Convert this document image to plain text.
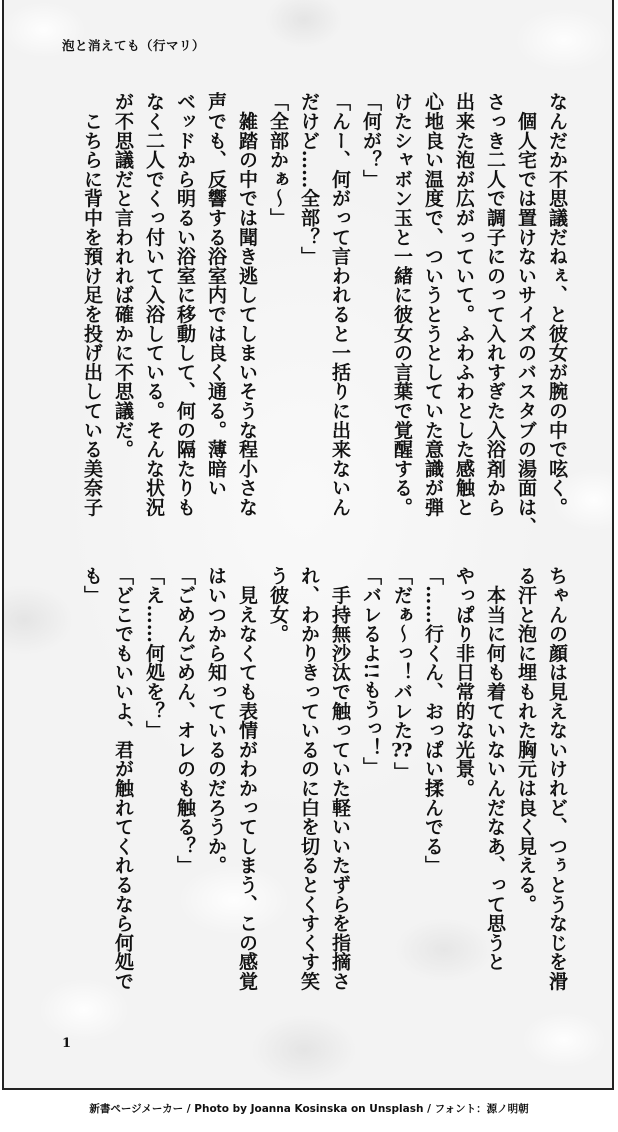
泡と消えても（行マリ）
なんだか不思議だねぇ、と彼女が腕の中で呟く。
　個人宅では置けないサイズのバスタブの湯面は、
さっき二人で調子にのって入れすぎた入浴剤から
出来た泡が広がっていて。ふわふわとした感触と
心地良い温度で、ついうとうとしていた意識が弾
けたシャボン玉と一緒に彼女の言葉で覚醒する。
「何が？」
「んー、何がって言われると一括りに出来ないん
だけど……全部？」
「全部かぁ～」
　雑踏の中では聞き逃してしまいそうな程小さな
声でも、反響する浴室内では良く通る。薄暗い
ベッドから明るい浴室に移動して、何の隔たりも
なく二人でくっ付いて入浴している。そんな状況
が不思議だと言われれば確かに不思議だ。
　こちらに背中を預け足を投げ出している美奈子
ちゃんの顔は見えないけれど、つぅとうなじを滑
る汗と泡に埋もれた胸元は良く見える。
　本当に何も着ていないんだなあ、って思うと
やっぱり非日常的な光景。
「……行くん、おっぱい揉んでる」
「だぁ～っ！バレた⁇」
「バレるよ!!もうっ！」
　手持無沙汰で触っていた軽いいたずらを指摘さ
れ、わかりきっているのに白を切るとくすくす笑
う彼女。
　見えなくても表情がわかってしまう、この感覚
はいつから知っているのだろうか。
「ごめんごめん、オレのも触る？」
「え……何処を？」
「どこでもいいよ、君が触れてくれるなら何処で
も」
1
新書ページメーカー / Photo by Joanna Kosinska on Unsplash / フォント：源ノ明朝
